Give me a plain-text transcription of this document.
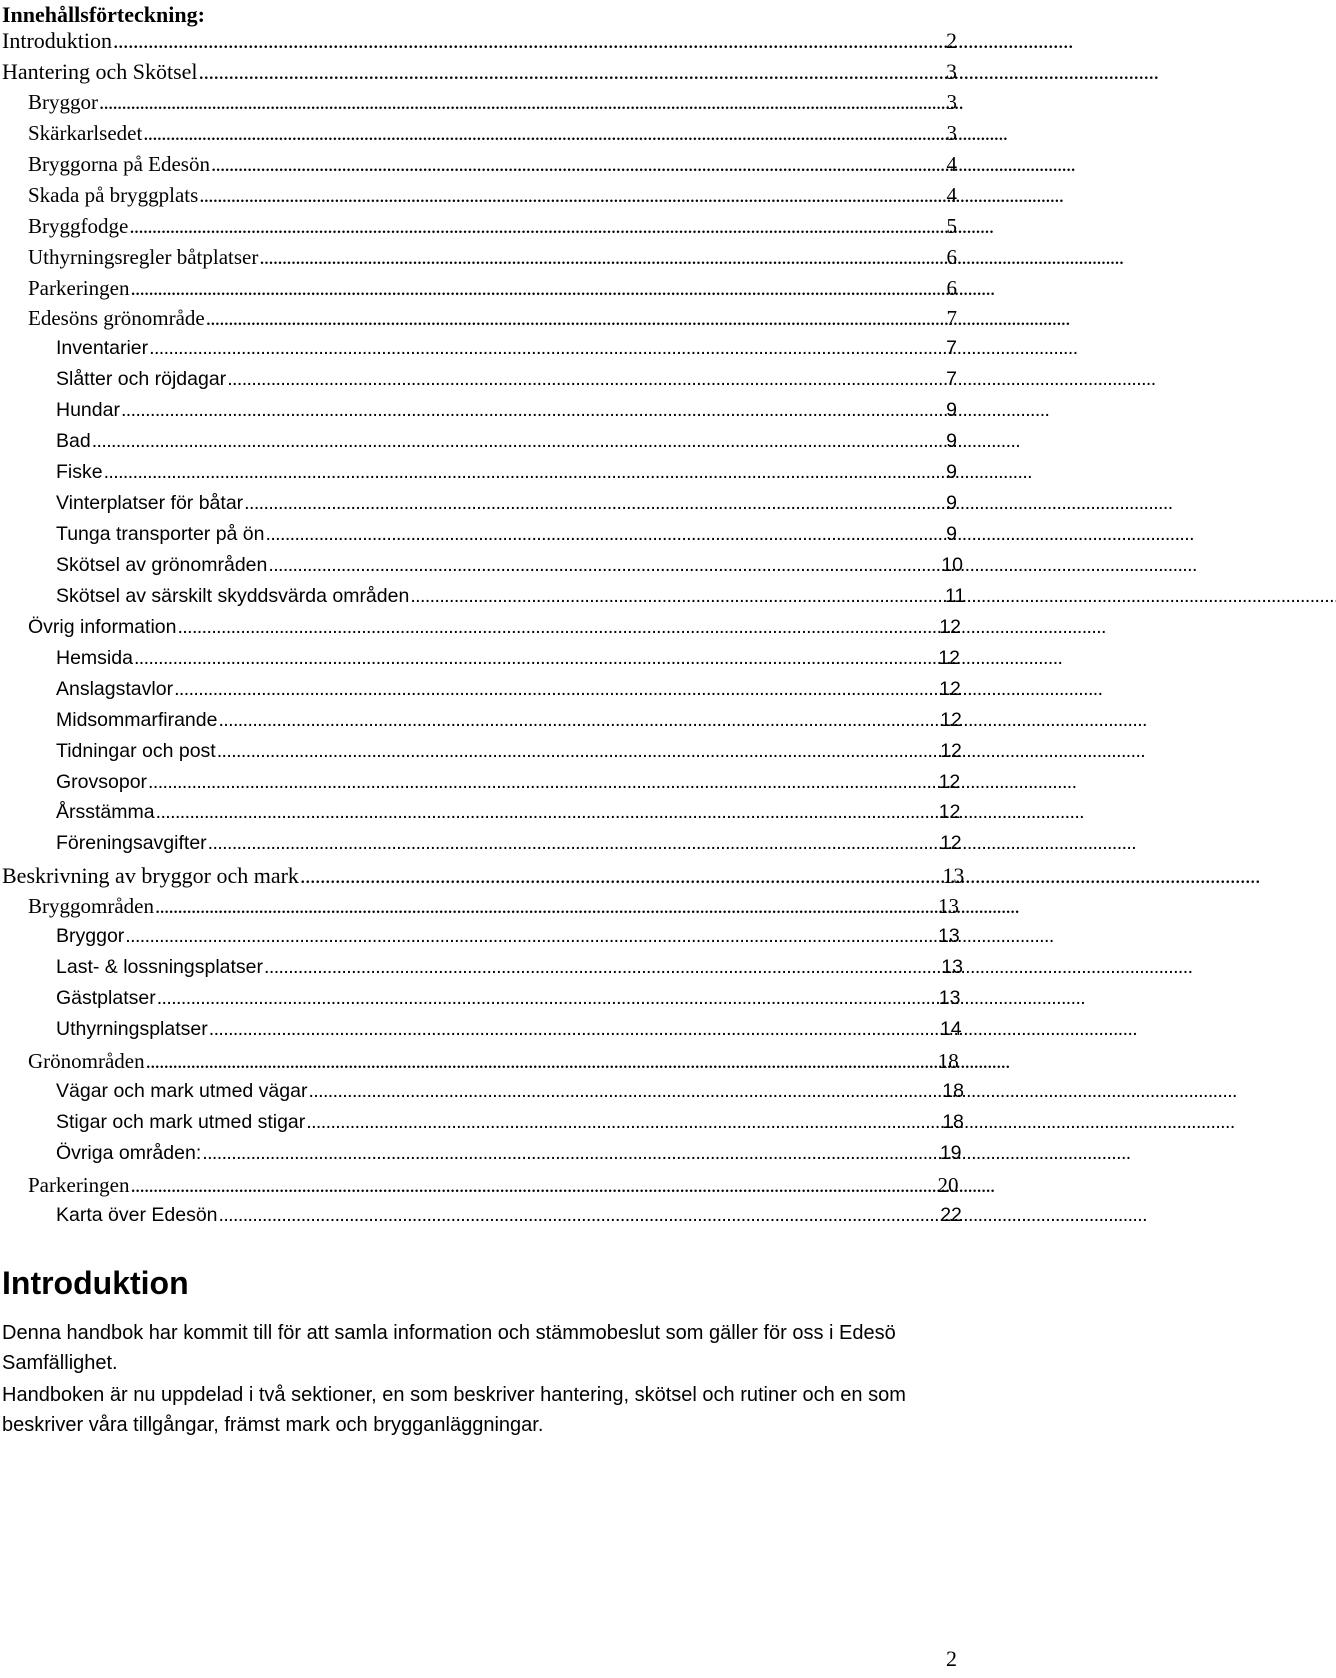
Innehållsförteckning:
Introduktion . . .	2
Hantering och Skötsel . . .	3
Bryggor . . .	3
Skärkarlsedet . . .	3
Bryggorna på Edesön . . .	4
Skada på bryggplats . . .	4
Bryggfodge . . .	5
Uthyrningsregler båtplatser . . .	6
Parkeringen . . .	6
Edesöns grönområde . . .	7
Inventarier . . .	7
Slåtter och röjdagar . . .	7
Hundar . . .	9
Bad . . .	9
Fiske . . .	9
Vinterplatser för båtar . . .	9
Tunga transporter på ön . . .	9
Skötsel av grönområden . . .	10
Skötsel av särskilt skyddsvärda områden . . .	11
Övrig information . . .	12
Hemsida . . .	12
Anslagstavlor . . .	12
Midsommarfirande . . .	12
Tidningar och post . . .	12
Grovsopor . . .	12
Årsstämma . . .	12
Föreningsavgifter . . .	12
Beskrivning av bryggor och mark . . .	13
Bryggområden . . .	13
Bryggor . . .	13
Last- & lossningsplatser . . .	13
Gästplatser . . .	13
Uthyrningsplatser . . .	14
Grönområden . . .	18
Vägar och mark utmed vägar . . .	18
Stigar och mark utmed stigar . . .	18
Övriga områden: . . .	19
Parkeringen . . .	20
Karta över Edesön . . .	22
Introduktion

Denna handbok har kommit till för att samla information och stämmobeslut som gäller för oss i Edesö Samfällighet.

Handboken är nu uppdelad i två sektioner, en som beskriver hantering, skötsel och rutiner och en som beskriver våra tillgångar, främst mark och brygganläggningar.

2
